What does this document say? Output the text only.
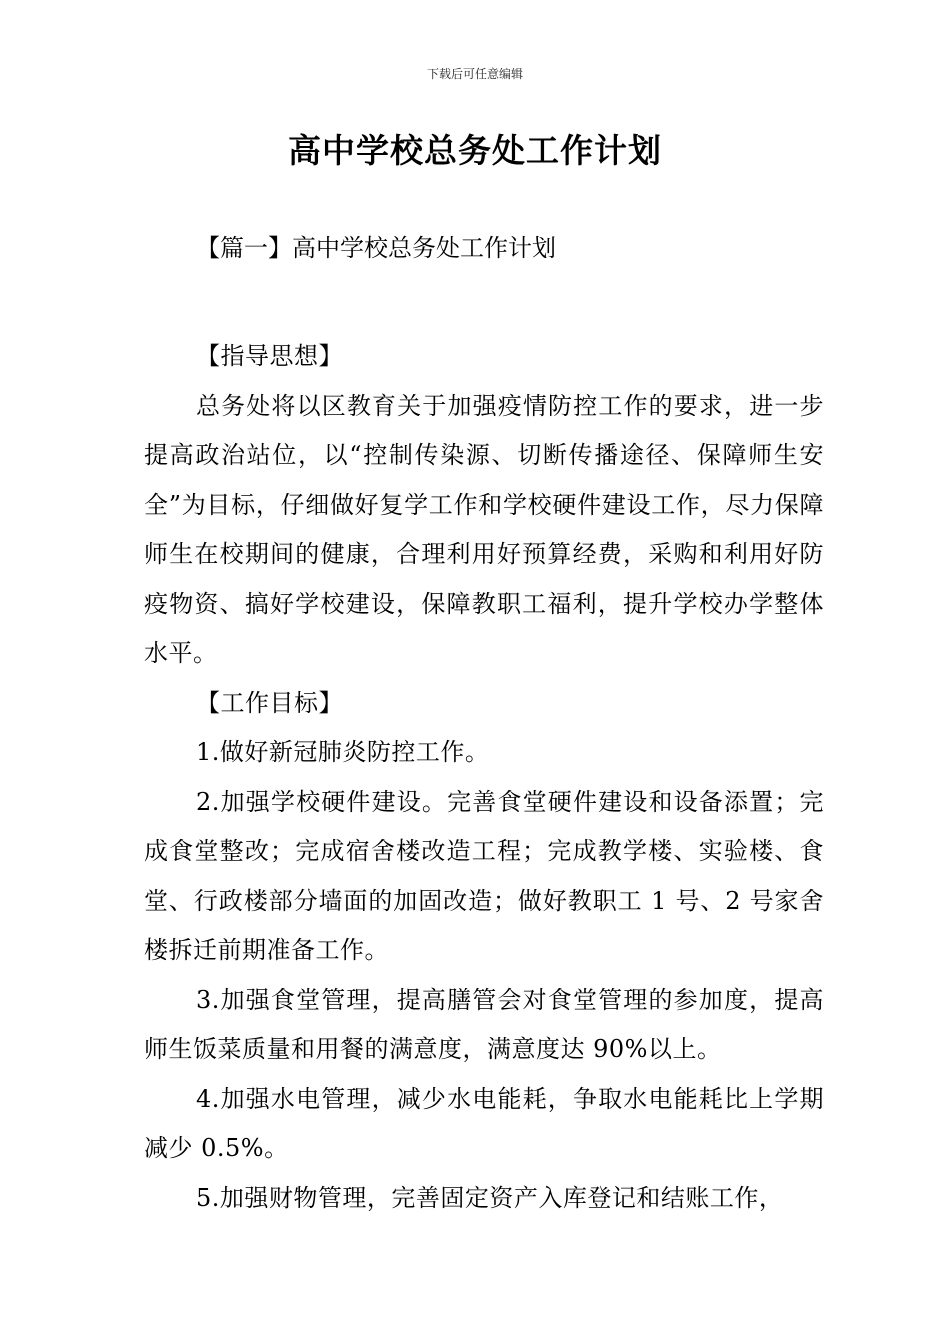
下载后可任意编辑
高中学校总务处工作计划
【篇一】高中学校总务处工作计划

【指导思想】

总务处将以区教育关于加强疫情防控工作的要求，进一步提高政治站位，以“控制传染源、切断传播途径、保障师生安全”为目标，仔细做好复学工作和学校硬件建设工作，尽力保障师生在校期间的健康，合理利用好预算经费，采购和利用好防疫物资、搞好学校建设，保障教职工福利，提升学校办学整体水平。

【工作目标】

1.做好新冠肺炎防控工作。

2.加强学校硬件建设。完善食堂硬件建设和设备添置；完成食堂整改；完成宿舍楼改造工程；完成教学楼、实验楼、食堂、行政楼部分墙面的加固改造；做好教职工 1 号、2 号家舍楼拆迁前期准备工作。

3.加强食堂管理，提高膳管会对食堂管理的参加度，提高师生饭菜质量和用餐的满意度，满意度达 90%以上。

4.加强水电管理，减少水电能耗，争取水电能耗比上学期减少 0.5%。

5.加强财物管理，完善固定资产入库登记和结账工作，
